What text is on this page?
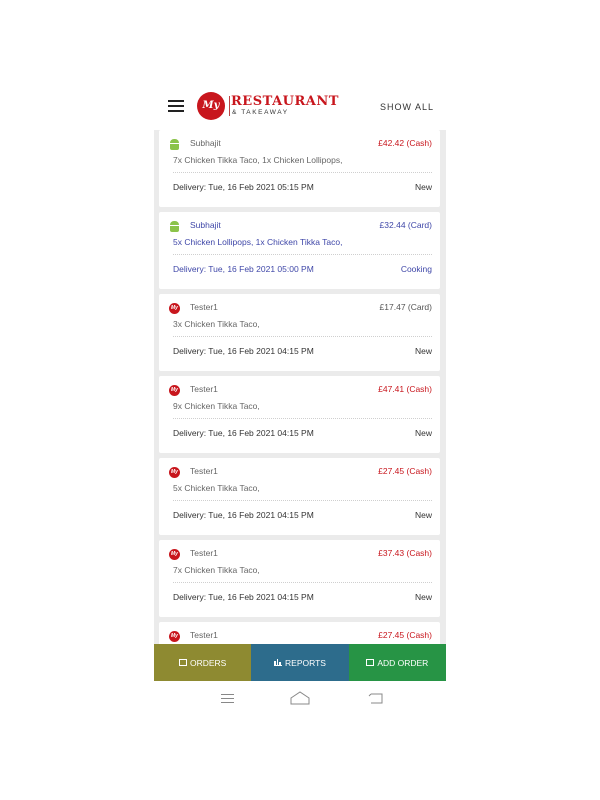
My RESTAURANT
& TAKEAWAY
SHOW ALL
Subhajit	£42.42 (Cash)
7x Chicken Tikka Taco, 1x Chicken Lollipops,
Delivery: Tue, 16 Feb 2021 05:15 PM	New
Subhajit	£32.44 (Card)
5x Chicken Lollipops, 1x Chicken Tikka Taco,
Delivery: Tue, 16 Feb 2021 05:00 PM	Cooking
My Tester1	£17.47 (Card)
3x Chicken Tikka Taco,
Delivery: Tue, 16 Feb 2021 04:15 PM	New
My Tester1	£47.41 (Cash)
9x Chicken Tikka Taco,
Delivery: Tue, 16 Feb 2021 04:15 PM	New
My Tester1	£27.45 (Cash)
5x Chicken Tikka Taco,
Delivery: Tue, 16 Feb 2021 04:15 PM	New
My Tester1	£37.43 (Cash)
7x Chicken Tikka Taco,
Delivery: Tue, 16 Feb 2021 04:15 PM	New
My Tester1	£27.45 (Cash)
ORDERS	REPORTS	ADD ORDER
